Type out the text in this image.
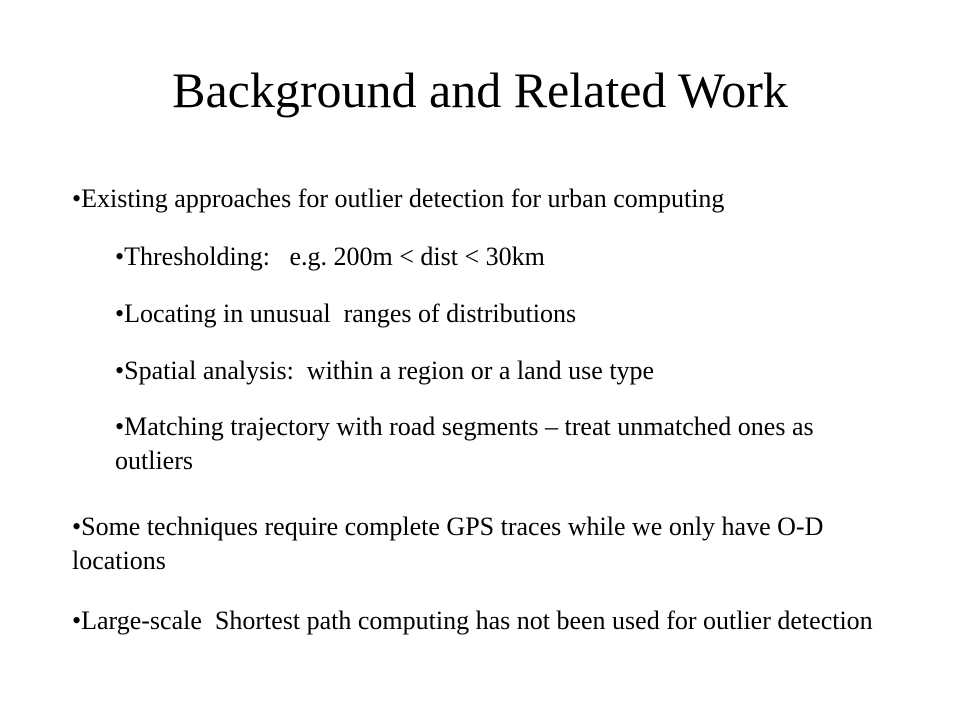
Background and Related Work

•Existing approaches for outlier detection for urban computing

•Thresholding:   e.g. 200m < dist < 30km

•Locating in unusual  ranges of distributions

•Spatial analysis:  within a region or a land use type

•Matching trajectory with road segments – treat unmatched ones as outliers

•Some techniques require complete GPS traces while we only have O-D locations

•Large-scale  Shortest path computing has not been used for outlier detection
